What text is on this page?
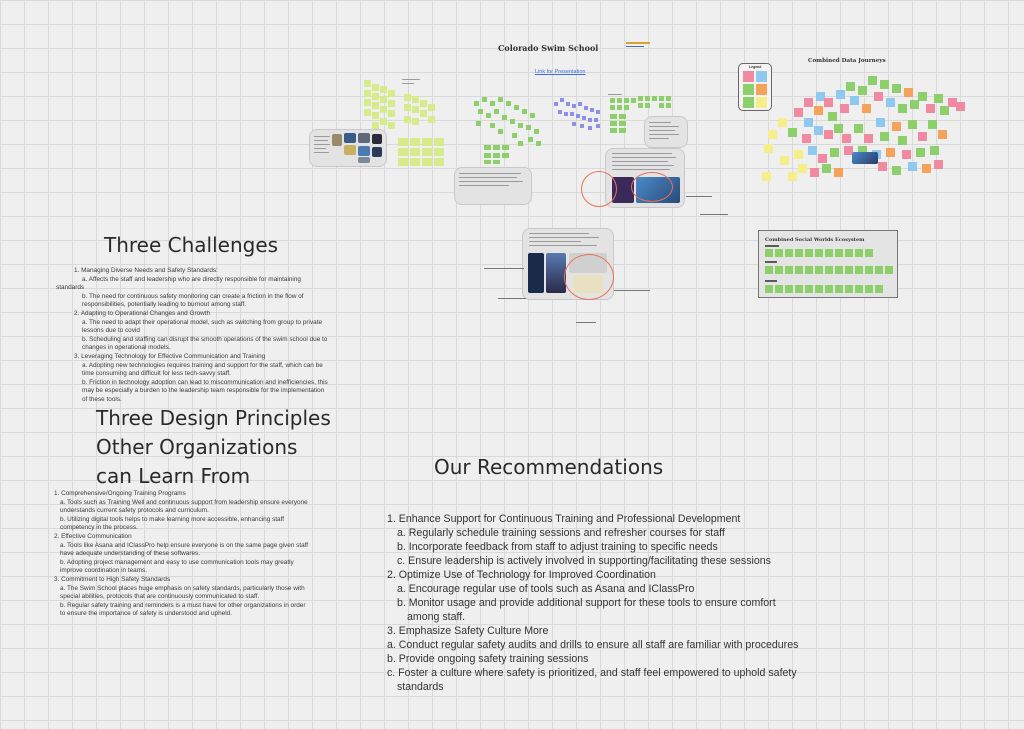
Colorado Swim School
Link for Presentation
Combined Data Journeys
Legend
Combined Social Worlds Ecosystem
Three Challenges
1. Managing Diverse Needs and Safety Standards:
a. Affects the staff and leadership who are directly responsible for maintaining
standards
b. The need for continuous safety monitoring can create a friction in the flow of
responsibilities, potentially leading to burnout among staff.
2. Adapting to Operational Changes and Growth
a. The need to adapt their operational model, such as switching from group to private
lessons due to covid
b. Scheduling and staffing can disrupt the smooth operations of the swim school due to
changes in operational models.
3. Leveraging Technology for Effective Communication and Training
a. Adopting new technologies requires training and support for the staff, which can be
time consuming and difficult for less tech-savvy staff.
b. Friction in technology adoption can lead to miscommunication and inefficiencies, this
may be especially a burden to the leadership team responsible for the implementation
of these tools.
Three Design Principles
Other Organizations
can Learn From
1. Comprehensive/Ongoing Training Programs
a. Tools such as Training Well and continuous support from leadership ensure everyone
understands current safety protocols and curriculum.
b. Utilizing digital tools helps to make learning more accessible, enhancing staff
competency in the process.
2. Effective Communication
a. Tools like Asana and IClassPro help ensure everyone is on the same page given staff
have adequate understanding of these softwares.
b. Adopting project management and easy to use communication tools may greatly
improve coordination in teams.
3. Commitment to High Safety Standards
a. The Swim School places huge emphasis on safety standards, particularly those with
special abilities, protocols that are continuously communicated to staff.
b. Regular safety training and reminders is a must have for other organizations in order
to ensure the importance of safety is understood and upheld.
Our Recommendations
1. Enhance Support for Continuous Training and Professional Development
a. Regularly schedule training sessions and refresher courses for staff
b. Incorporate feedback from staff to adjust training to specific needs
c. Ensure leadership is actively involved in supporting/facilitating these sessions
2. Optimize Use of Technology for Improved Coordination
a. Encourage regular use of tools such as Asana and IClassPro
b. Monitor usage and provide additional support for these tools to ensure comfort
among staff.
3. Emphasize Safety Culture More
a. Conduct regular safety audits and drills to ensure all staff are familiar with procedures
b. Provide ongoing safety training sessions
c. Foster a culture where safety is prioritized, and staff feel empowered to uphold safety
standards
